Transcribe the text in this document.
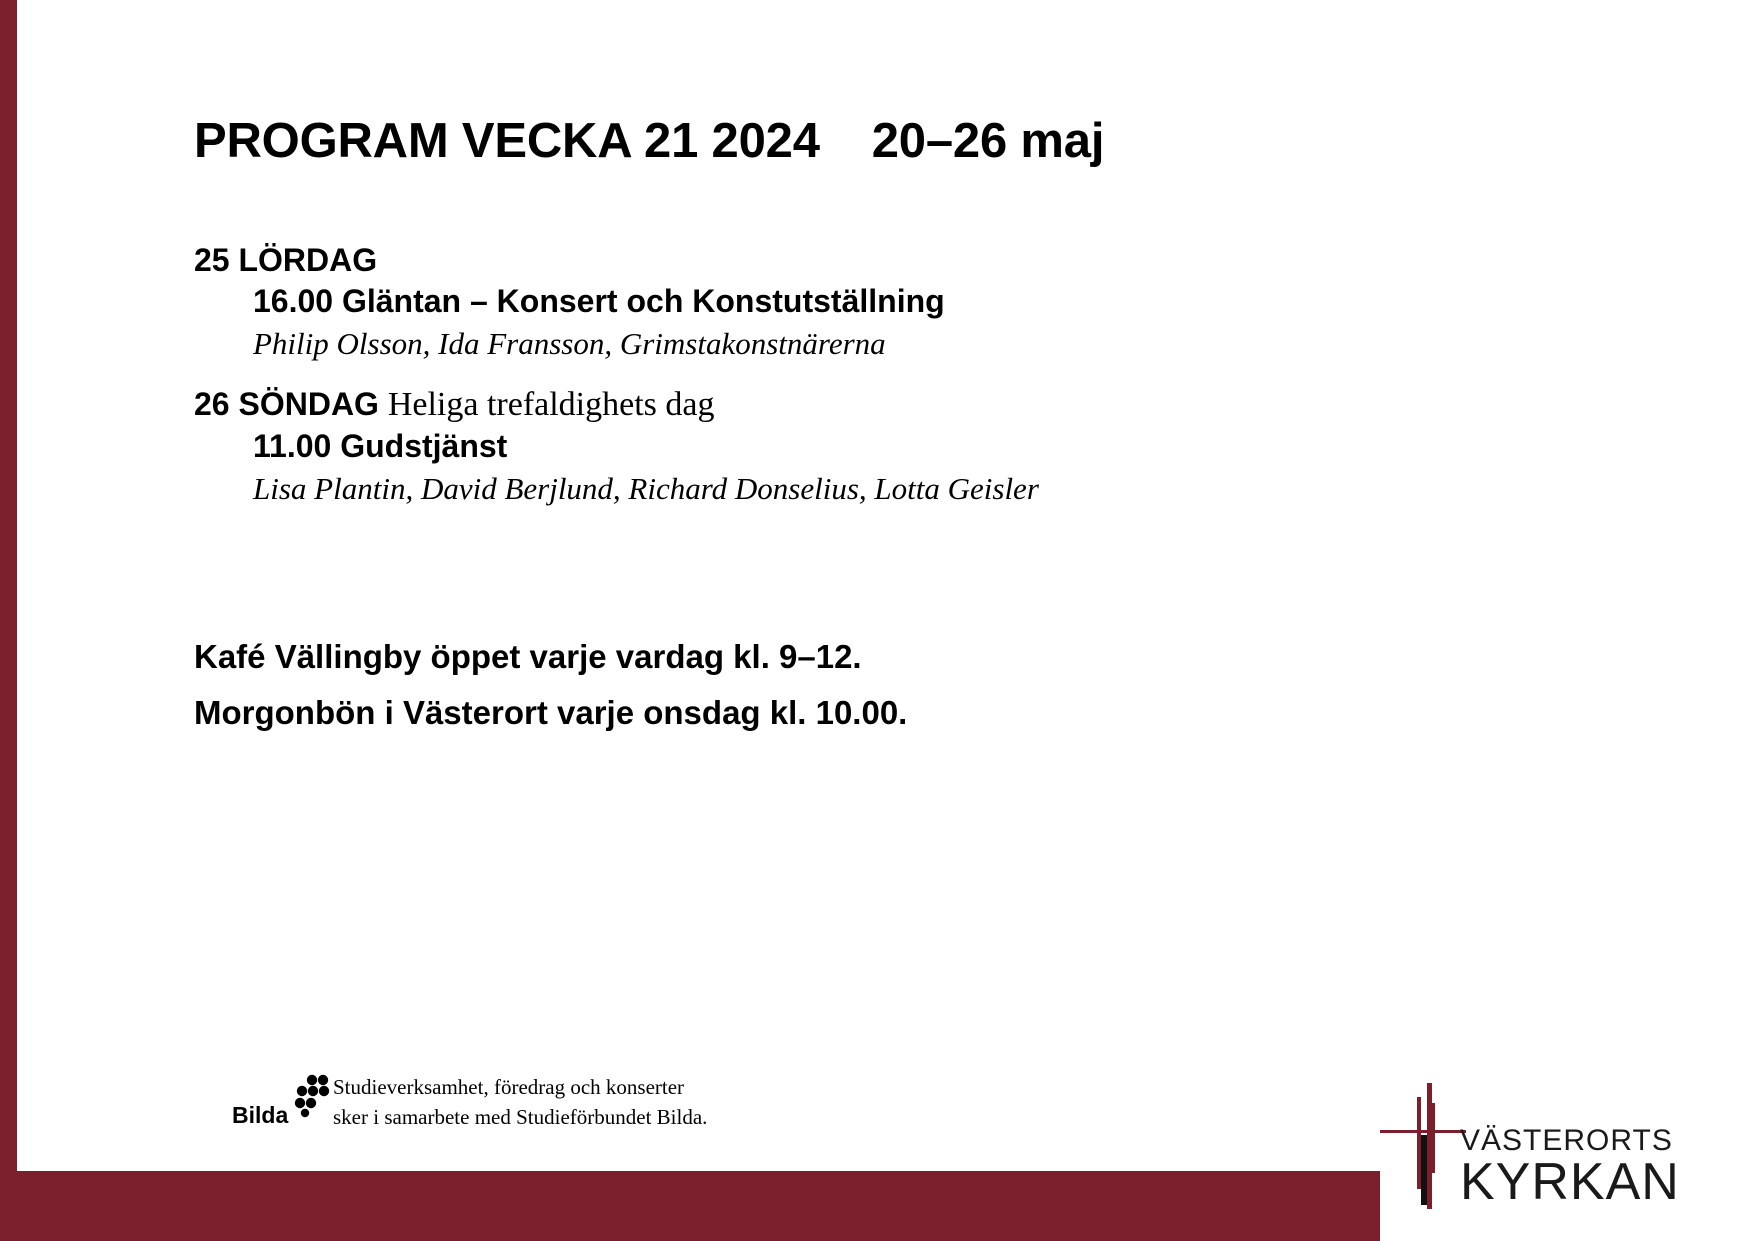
PROGRAM VECKA 21 2024 20–26 maj

25 LÖRDAG

16.00 Gläntan – Konsert och Konstutställning

Philip Olsson, Ida Fransson, Grimstakonstnärerna

26 SÖNDAG Heliga trefaldighets dag

11.00 Gudstjänst

Lisa Plantin, David Berjlund, Richard Donselius, Lotta Geisler

Kafé Vällingby öppet varje vardag kl. 9–12.

Morgonbön i Västerort varje onsdag kl. 10.00.

Bilda

Studieverksamhet, föredrag och konserter
sker i samarbete med Studieförbundet Bilda.

VÄSTERORTS
KYRKAN
